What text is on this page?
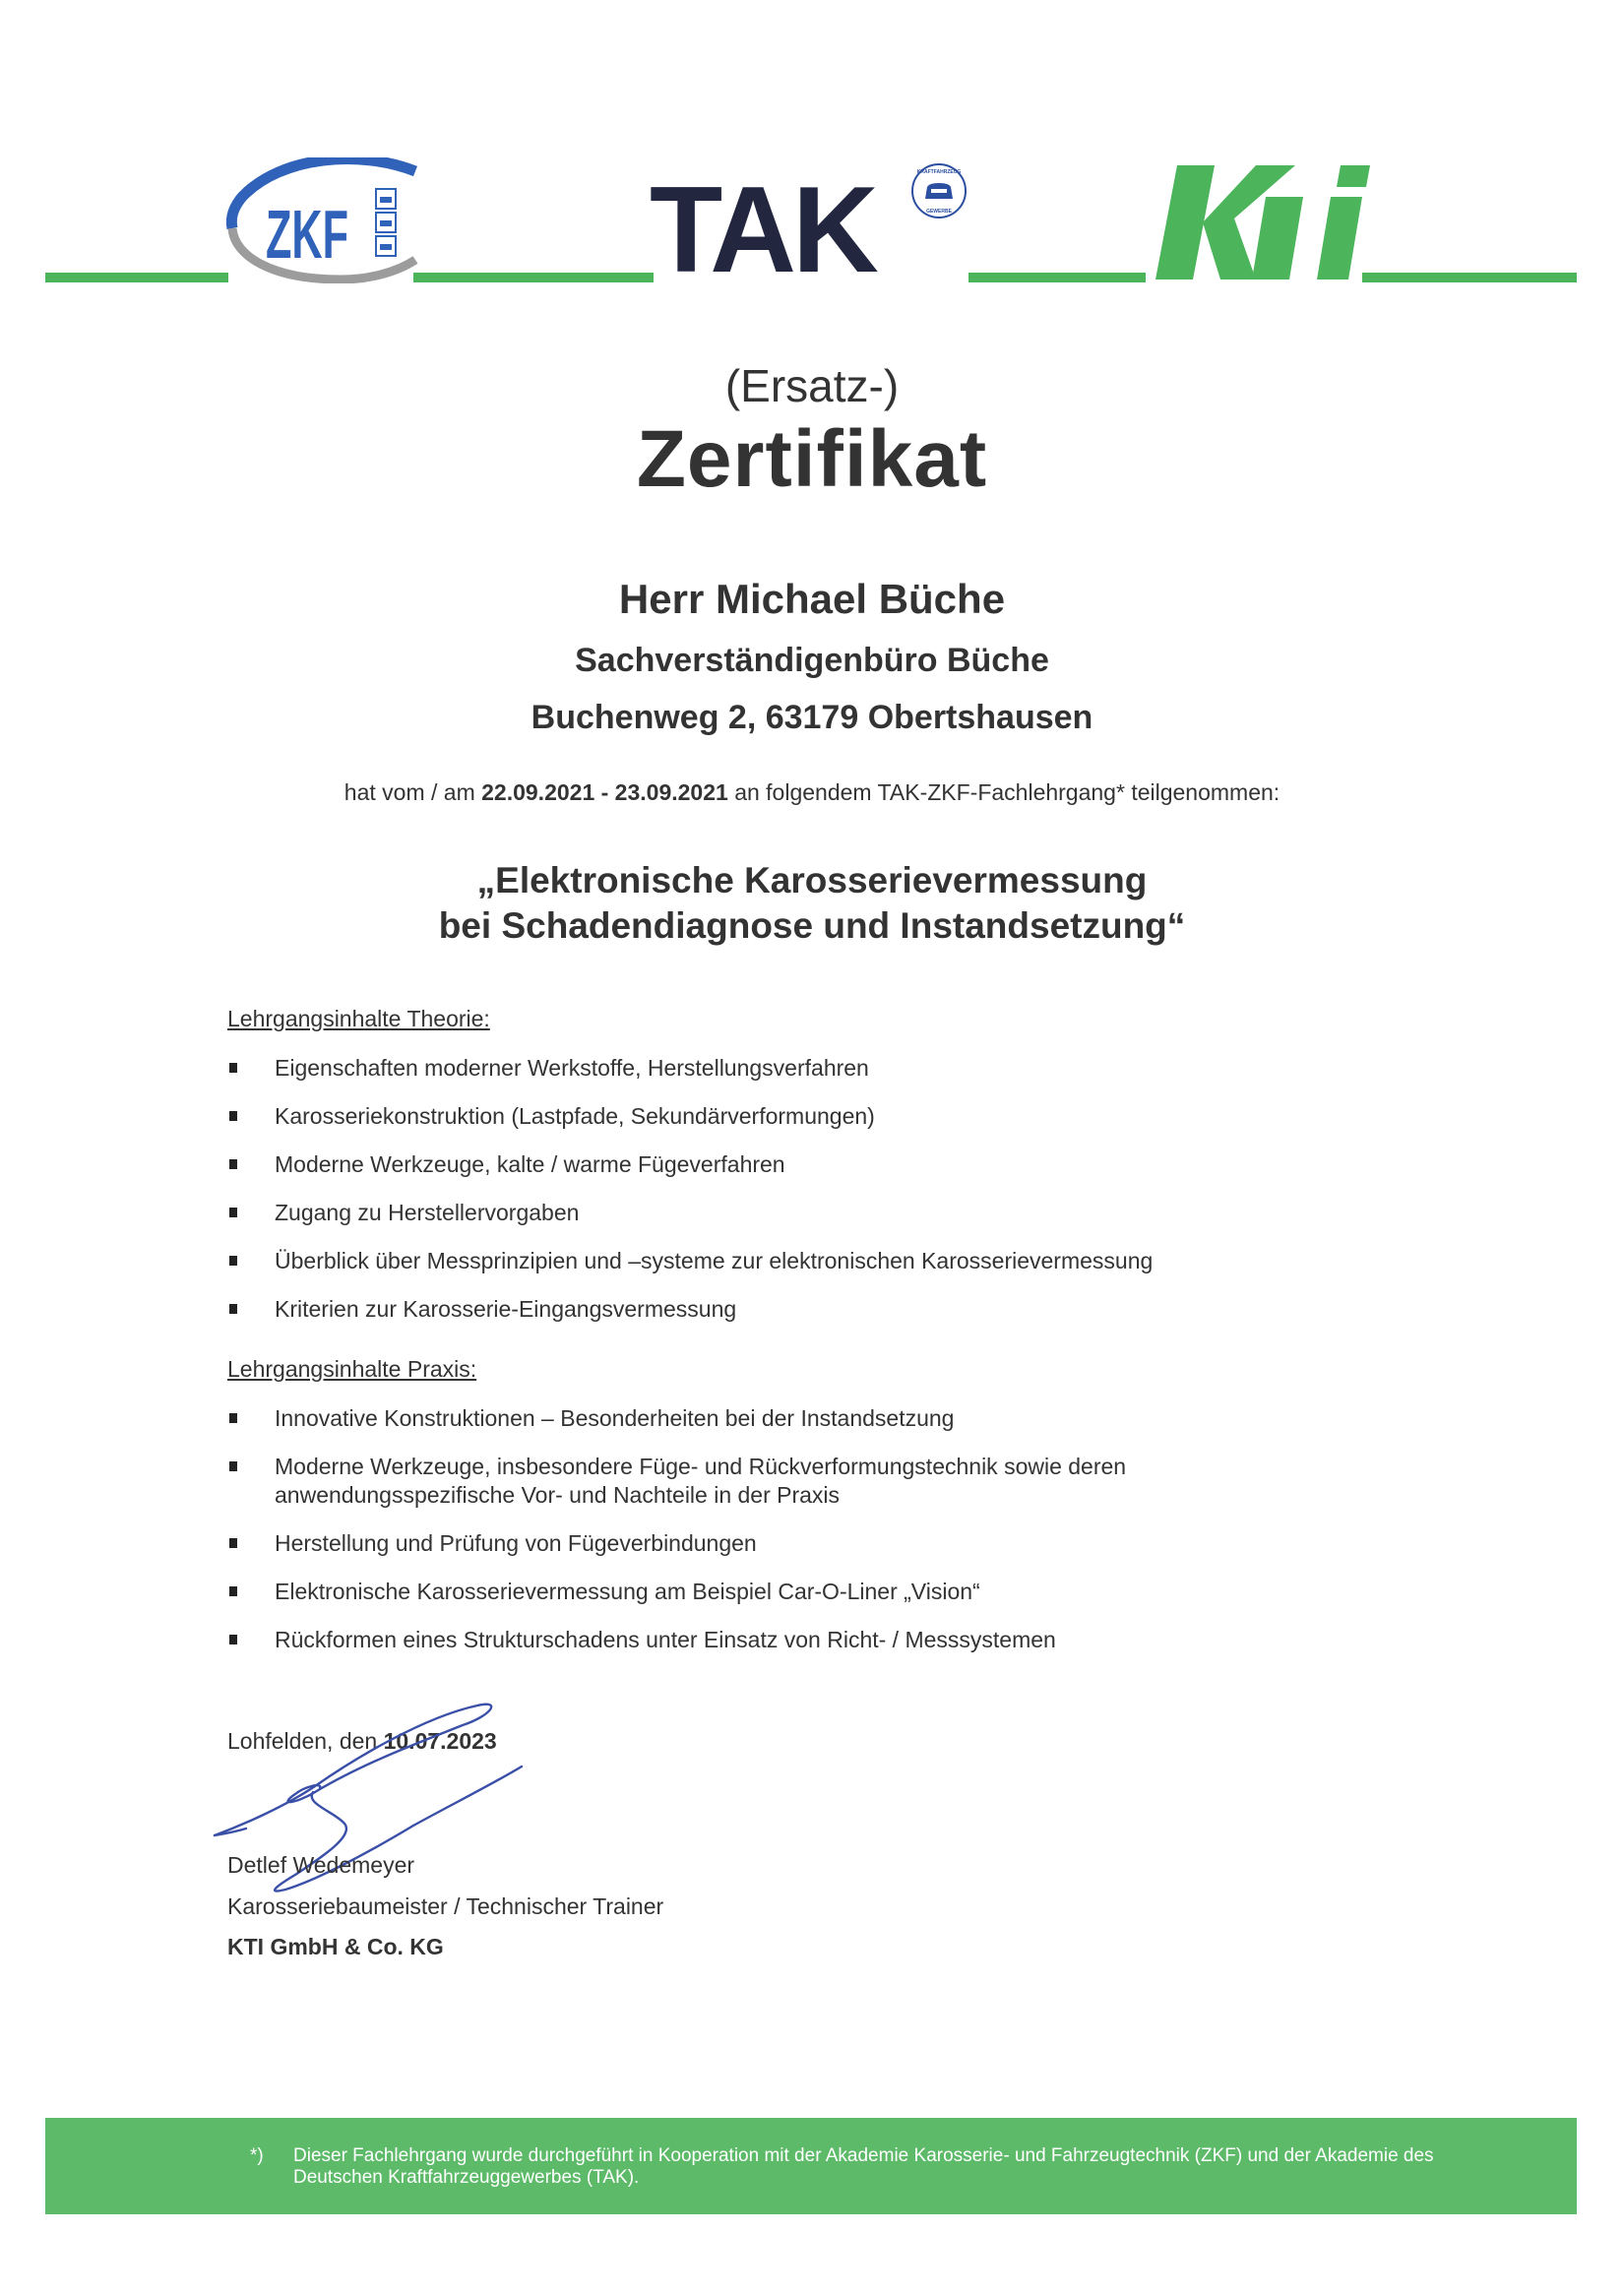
ZKF TAK	KRAFTFAHRZEUG
GEWERBE
(Ersatz-)
Zertifikat
Herr Michael Büche
Sachverständigenbüro Büche
Buchenweg 2, 63179 Obertshausen
hat vom / am 22.09.2021 - 23.09.2021 an folgendem TAK-ZKF-Fachlehrgang* teilgenommen:
„Elektronische Karosserievermessung
bei Schadendiagnose und Instandsetzung“
Lehrgangsinhalte Theorie:
Eigenschaften moderner Werkstoffe, Herstellungsverfahren
Karosseriekonstruktion (Lastpfade, Sekundärverformungen)
Moderne Werkzeuge, kalte / warme Fügeverfahren
Zugang zu Herstellervorgaben
Überblick über Messprinzipien und –systeme zur elektronischen Karosserievermessung
Kriterien zur Karosserie-Eingangsvermessung
Lehrgangsinhalte Praxis:
Innovative Konstruktionen – Besonderheiten bei der Instandsetzung
Moderne Werkzeuge, insbesondere Füge- und Rückverformungstechnik sowie deren anwendungsspezifische Vor- und Nachteile in der Praxis
Herstellung und Prüfung von Fügeverbindungen
Elektronische Karosserievermessung am Beispiel Car-O-Liner „Vision“
Rückformen eines Strukturschadens unter Einsatz von Richt- / Messsystemen
Lohfelden, den 10.07.2023
Detlef Wedemeyer
Karosseriebaumeister / Technischer Trainer
KTI GmbH & Co. KG
*) Dieser Fachlehrgang wurde durchgeführt in Kooperation mit der Akademie Karosserie- und Fahrzeugtechnik (ZKF) und der Akademie des Deutschen Kraftfahrzeuggewerbes (TAK).
